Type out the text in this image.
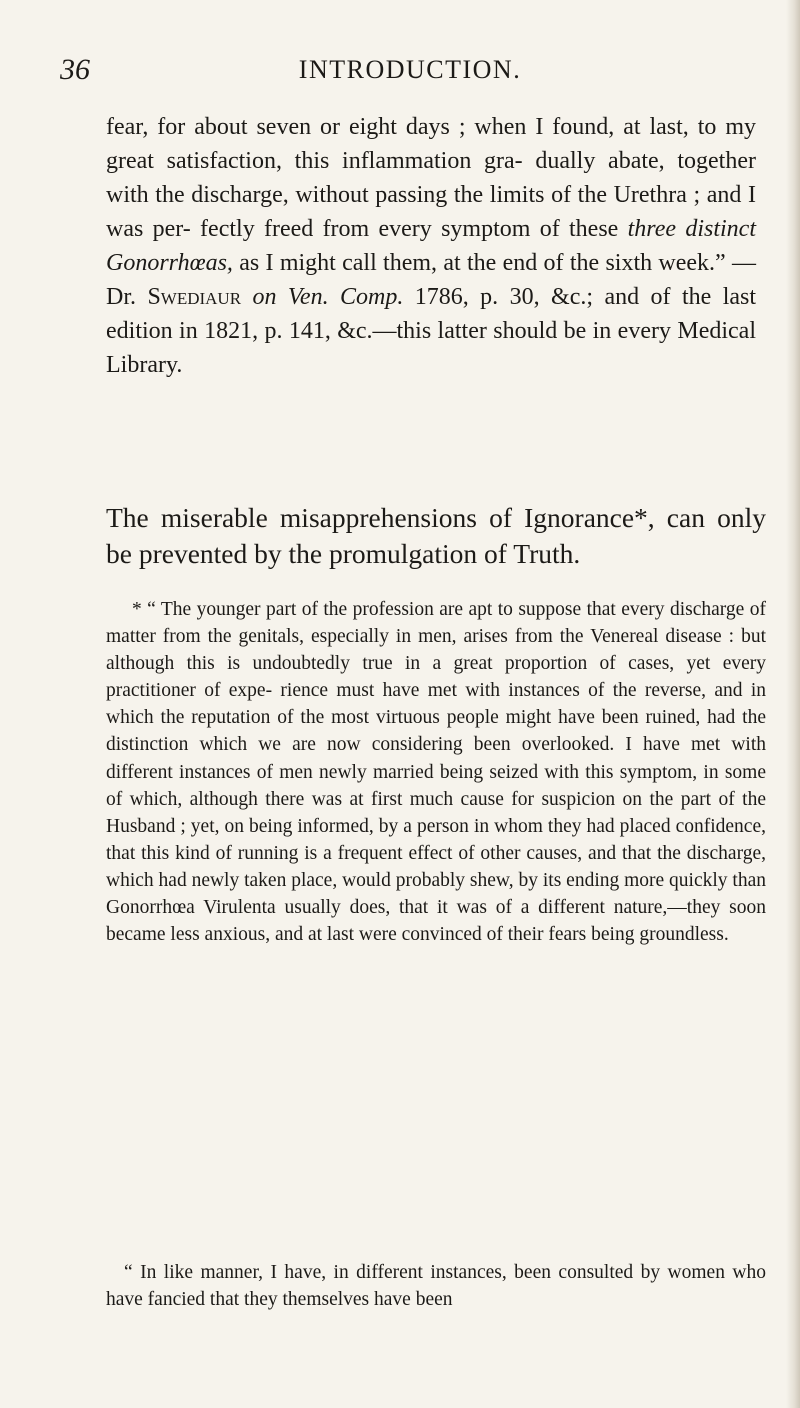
36	INTRODUCTION.

fear, for about seven or eight days ; when I found, at last, to my great satisfaction, this inflammation gra- dually abate, together with the discharge, without passing the limits of the Urethra ; and I was per- fectly freed from every symptom of these three distinct Gonorrhœas, as I might call them, at the end of the sixth week.” — Dr. Swediaur on Ven. Comp. 1786, p. 30, &c.; and of the last edition in 1821, p. 141, &c.—this latter should be in every Medical Library.

The miserable misapprehensions of Ignorance*, can only be prevented by the promulgation of Truth.

* “ The younger part of the profession are apt to suppose that every discharge of matter from the genitals, especially in men, arises from the Venereal disease : but although this is undoubtedly true in a great proportion of cases, yet every practitioner of expe- rience must have met with instances of the reverse, and in which the reputation of the most virtuous people might have been ruined, had the distinction which we are now considering been overlooked. I have met with different instances of men newly married being seized with this symptom, in some of which, although there was at first much cause for suspicion on the part of the Husband ; yet, on being informed, by a person in whom they had placed confidence, that this kind of running is a frequent effect of other causes, and that the discharge, which had newly taken place, would probably shew, by its ending more quickly than Gonorrhœa Virulenta usually does, that it was of a different nature,—they soon became less anxious, and at last were convinced of their fears being groundless.

“ In like manner, I have, in different instances, been consulted by women who have fancied that they themselves have been
